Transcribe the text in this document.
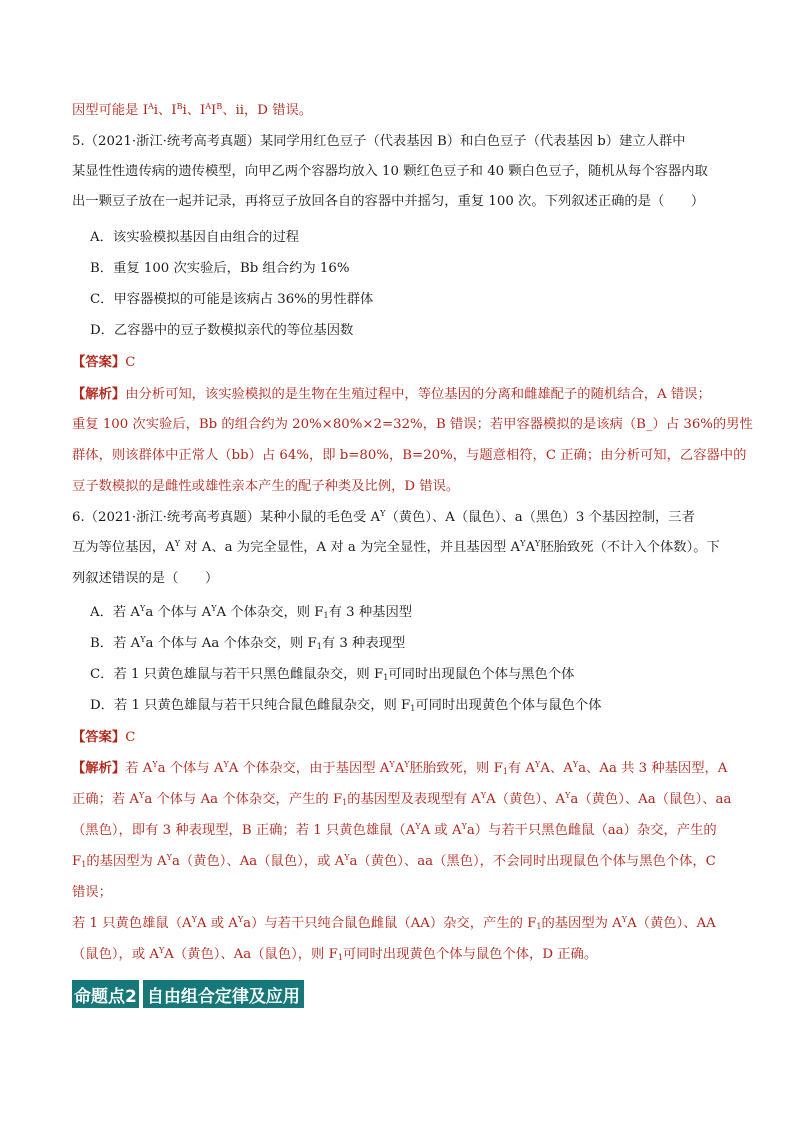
因型可能是 $I^Ai$、$I^Bi$、$I^AI^B$、ii，D 错误。
5.（2021·浙江·统考高考真题）某同学用红色豆子（代表基因 B）和白色豆子（代表基因 b）建立人群中
某显性性遗传病的遗传模型，向甲乙两个容器均放入 10 颗红色豆子和 40 颗白色豆子，随机从每个容器内取
出一颗豆子放在一起并记录，再将豆子放回各自的容器中并摇匀，重复 100 次。下列叙述正确的是（　　）
A．该实验模拟基因自由组合的过程
B．重复 100 次实验后，Bb 组合约为 16%
C．甲容器模拟的可能是该病占 36%的男性群体
D．乙容器中的豆子数模拟亲代的等位基因数
【答案】C
【解析】由分析可知，该实验模拟的是生物在生殖过程中，等位基因的分离和雌雄配子的随机结合，A 错误；
重复 100 次实验后，Bb 的组合约为 20%×80%×2=32%，B 错误；若甲容器模拟的是该病（B_）占 36%的男性
群体，则该群体中正常人（bb）占 64%，即 b=80%，B=20%，与题意相符，C 正确；由分析可知，乙容器中的
豆子数模拟的是雌性或雄性亲本产生的配子种类及比例，D 错误。
6.（2021·浙江·统考高考真题）某种小鼠的毛色受 $A^Y$（黄色）、A（鼠色）、a（黑色）3 个基因控制，三者
互为等位基因，$A^Y$ 对 A、a 为完全显性，A 对 a 为完全显性，并且基因型 $A^YA^Y$胚胎致死（不计入个体数）。下
列叙述错误的是（　　）
A．若 $A^Ya$ 个体与 $A^YA$ 个体杂交，则 $F_1$有 3 种基因型
B．若 $A^Ya$ 个体与 Aa 个体杂交，则 $F_1$有 3 种表现型
C．若 1 只黄色雄鼠与若干只黑色雌鼠杂交，则 $F_1$可同时出现鼠色个体与黑色个体
D．若 1 只黄色雄鼠与若干只纯合鼠色雌鼠杂交，则 $F_1$可同时出现黄色个体与鼠色个体
【答案】C
【解析】若 $A^Ya$ 个体与 $A^YA$ 个体杂交，由于基因型 $A^YA^Y$胚胎致死，则 $F_1$有 $A^YA$、$A^Ya$、Aa 共 3 种基因型，A
正确；若 $A^Ya$ 个体与 Aa 个体杂交，产生的 $F_1$的基因型及表现型有 $A^YA$（黄色）、$A^Ya$（黄色）、Aa（鼠色）、aa
（黑色），即有 3 种表现型，B 正确；若 1 只黄色雄鼠（$A^YA$ 或 $A^Ya$）与若干只黑色雌鼠（aa）杂交，产生的
$F_1$的基因型为 $A^Ya$（黄色）、Aa（鼠色），或 $A^Ya$（黄色）、aa（黑色），不会同时出现鼠色个体与黑色个体，C
错误；
若 1 只黄色雄鼠（$A^YA$ 或 $A^Ya$）与若干只纯合鼠色雌鼠（AA）杂交，产生的 $F_1$的基因型为 $A^YA$（黄色）、AA
（鼠色），或 $A^YA$（黄色）、Aa（鼠色），则 $F_1$可同时出现黄色个体与鼠色个体，D 正确。
命题点2 自由组合定律及应用
